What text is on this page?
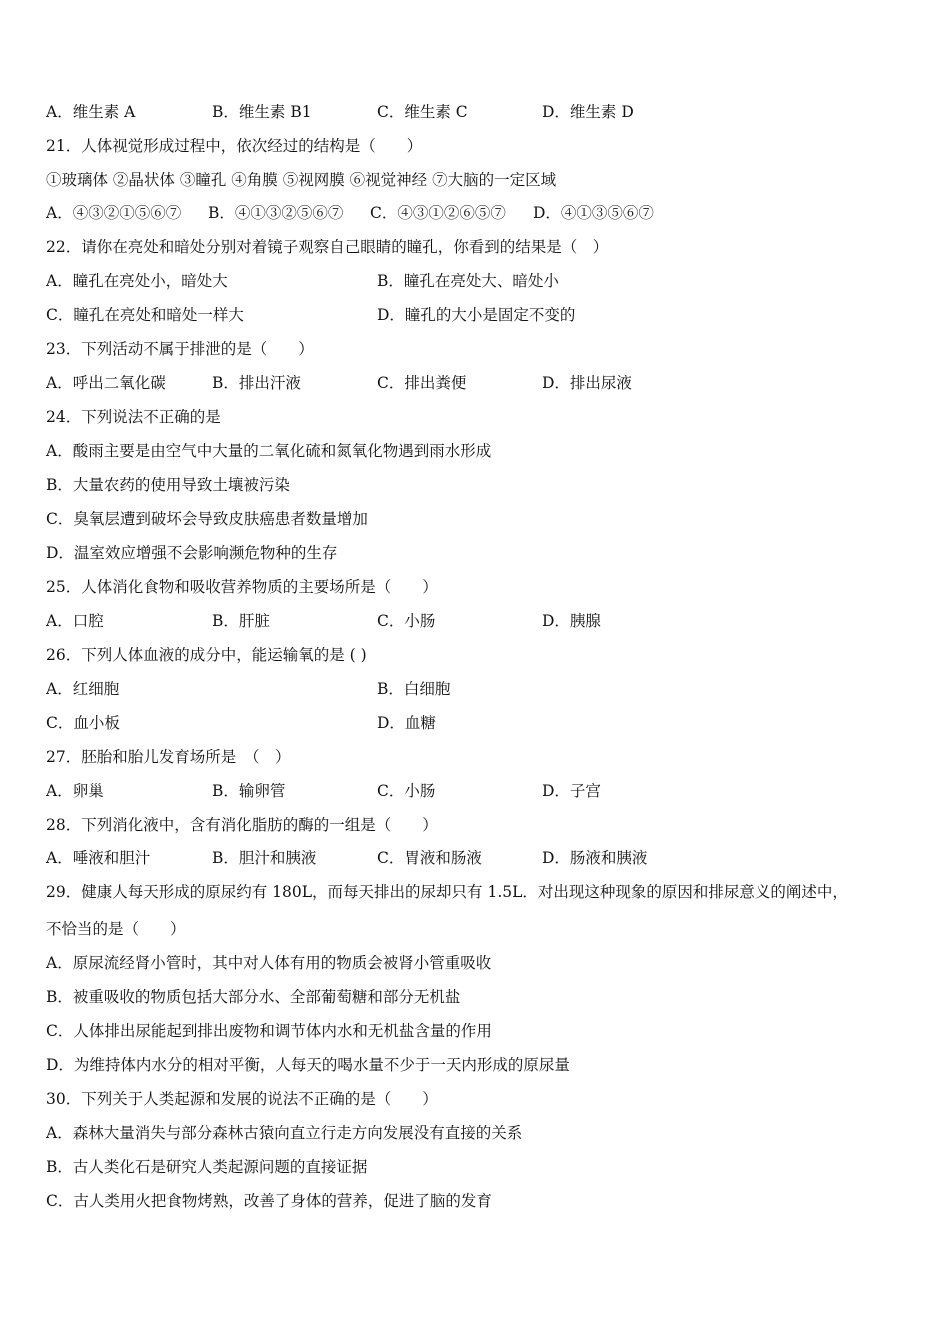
A．维生素 A	B．维生素 B1	C．维生素 C	D．维生素 D
21．人体视觉形成过程中，依次经过的结构是（　　）
①玻璃体 ②晶状体 ③瞳孔 ④角膜 ⑤视网膜 ⑥视觉神经 ⑦大脑的一定区域
A．④③②①⑤⑥⑦ B．④①③②⑤⑥⑦ C．④③①②⑥⑤⑦ D．④①③⑤⑥⑦
22．请你在亮处和暗处分别对着镜子观察自己眼睛的瞳孔，你看到的结果是（　）
A．瞳孔在亮处小，暗处大	B．瞳孔在亮处大、暗处小
C．瞳孔在亮处和暗处一样大	D．瞳孔的大小是固定不变的
23．下列活动不属于排泄的是（　　）
A．呼出二氧化碳	B．排出汗液	C．排出粪便	D．排出尿液
24．下列说法不正确的是
A．酸雨主要是由空气中大量的二氧化硫和氮氧化物遇到雨水形成
B．大量农药的使用导致土壤被污染
C．臭氧层遭到破坏会导致皮肤癌患者数量增加
D．温室效应增强不会影响濒危物种的生存
25．人体消化食物和吸收营养物质的主要场所是（　　）
A．口腔	B．肝脏	C．小肠	D．胰腺
26．下列人体血液的成分中，能运输氧的是 ( )
A．红细胞	B．白细胞
C．血小板	D．血糖
27．胚胎和胎儿发育场所是　（　）
A．卵巢	B．输卵管	C．小肠	D．子宫
28．下列消化液中，含有消化脂肪的酶的一组是（　　）
A．唾液和胆汁	B．胆汁和胰液	C．胃液和肠液	D．肠液和胰液
29．健康人每天形成的原尿约有 180L，而每天排出的尿却只有 1.5L．对出现这种现象的原因和排尿意义的阐述中，
不恰当的是（　　）
A．原尿流经肾小管时，其中对人体有用的物质会被肾小管重吸收
B．被重吸收的物质包括大部分水、全部葡萄糖和部分无机盐
C．人体排出尿能起到排出废物和调节体内水和无机盐含量的作用
D．为维持体内水分的相对平衡，人每天的喝水量不少于一天内形成的原尿量
30．下列关于人类起源和发展的说法不正确的是（　　）
A．森林大量消失与部分森林古猿向直立行走方向发展没有直接的关系
B．古人类化石是研究人类起源问题的直接证据
C．古人类用火把食物烤熟，改善了身体的营养，促进了脑的发育
